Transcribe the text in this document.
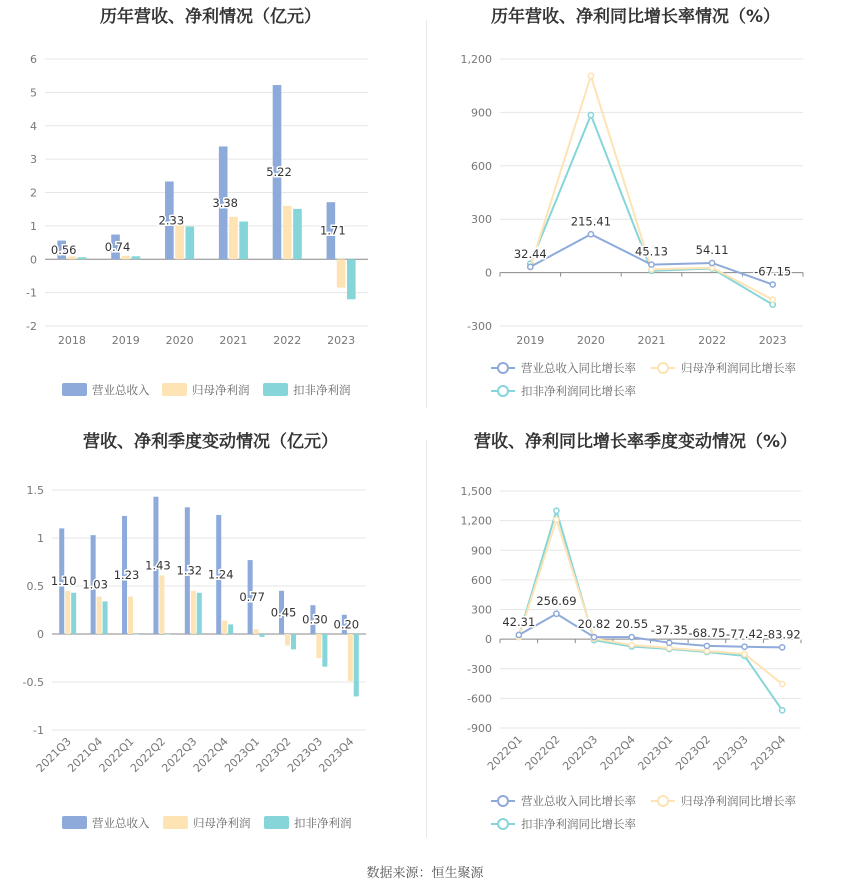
历年营收、净利情况（亿元）
-2
-1
0
1
2
3
4
5
6
0.56
2018
0.74
2019
2.33
2020
3.38
2021
5.22
2022
1.71
2023
营业总收入	归母净利润	扣非净利润
历年营收、净利同比增长率情况（%）
-300
0
300
600
900
1,200
32.44
215.41
45.13 54.11
-67.15
2019	2020	2021	2022	2023
营业总收入同比增长率	归母净利润同比增长率
扣非净利润同比增长率
营收、净利季度变动情况（亿元）
-1
-0.5
0
0.5
1
1.5
1.10
2021Q3
1.03
2021Q4
1.23
2022Q1
1.43
2022Q2
1.32
2022Q3
1.24
2022Q4
0.77
2023Q1
0.45
2023Q2
0.30
2023Q3
0.20
2023Q4
营业总收入	归母净利润	扣非净利润
营收、净利同比增长率季度变动情况（%）
-900
-600
-300
0
300
600
900
1,200
1,500
42.31
256.69
20.82 20.55 -37.35 -68.75 -77.42 -83.92
2022Q1
2022Q2
2022Q3
2022Q4
2023Q1
2023Q2
2023Q3
2023Q4
营业总收入同比增长率	归母净利润同比增长率
扣非净利润同比增长率
数据来源：恒生聚源
